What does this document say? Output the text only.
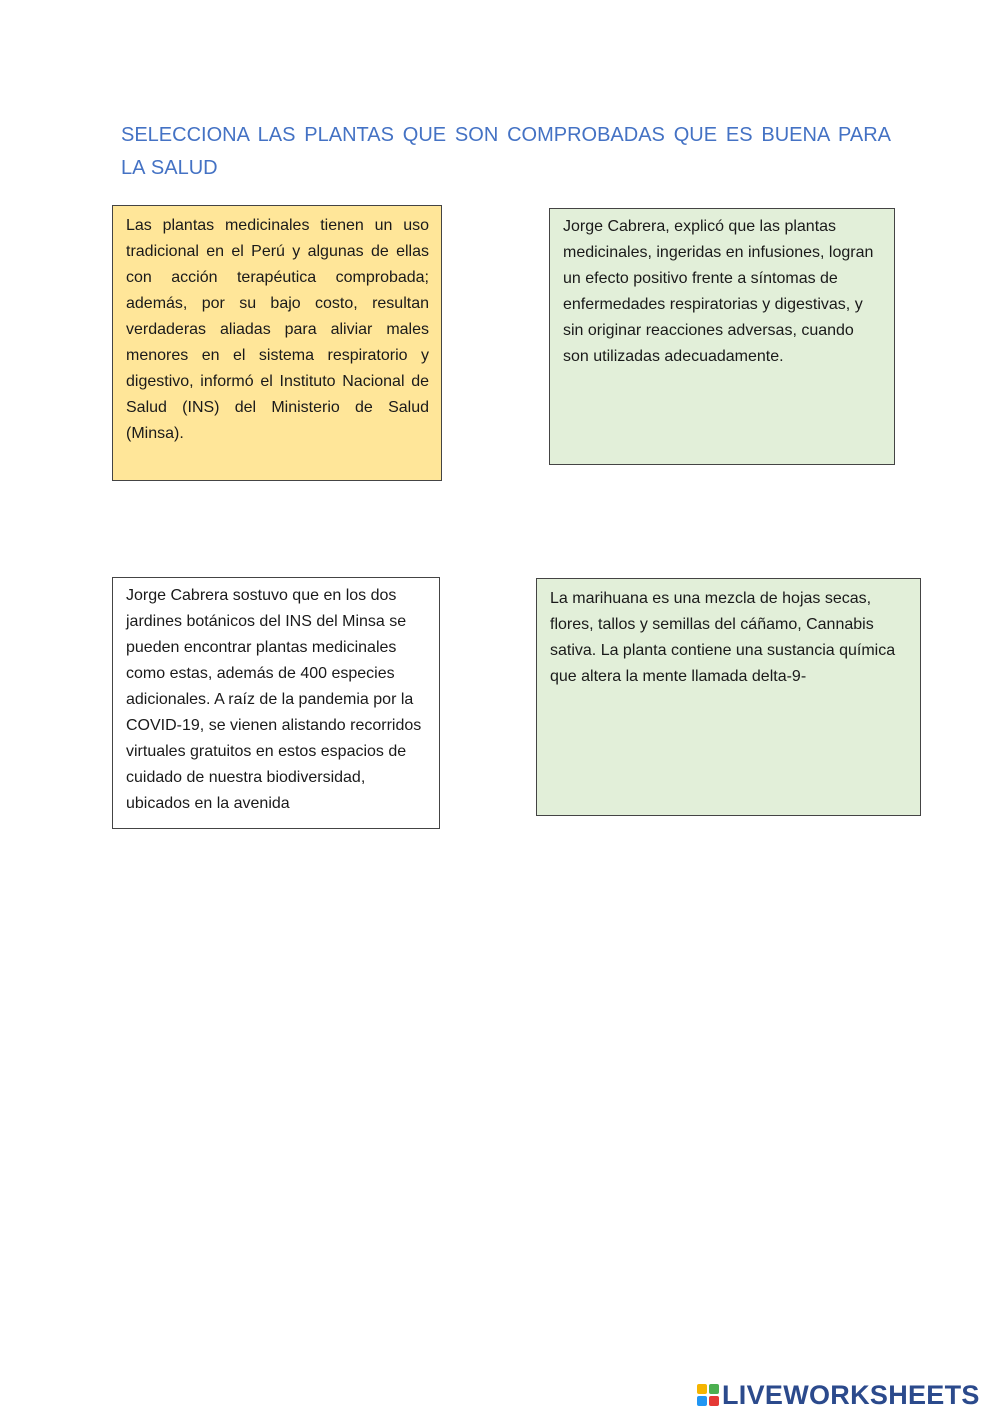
SELECCIONA LAS PLANTAS QUE SON COMPROBADAS QUE ES BUENA PARA LA SALUD

Las plantas medicinales tienen un uso tradicional en el Perú y algunas de ellas con acción terapéutica comprobada; además, por su bajo costo, resultan verdaderas aliadas para aliviar males menores en el sistema respiratorio y digestivo, informó el Instituto Nacional de Salud (INS) del Ministerio de Salud (Minsa).

Jorge Cabrera, explicó que las plantas medicinales, ingeridas en infusiones, logran un efecto positivo frente a síntomas de enfermedades respiratorias y digestivas, y sin originar reacciones adversas, cuando son utilizadas adecuadamente.

Jorge Cabrera sostuvo que en los dos jardines botánicos del INS del Minsa se pueden encontrar plantas medicinales como estas, además de 400 especies adicionales. A raíz de la pandemia por la COVID-19, se vienen alistando recorridos virtuales gratuitos en estos espacios de cuidado de nuestra biodiversidad, ubicados en la avenida

La marihuana es una mezcla de hojas secas, flores, tallos y semillas del cáñamo, Cannabis sativa. La planta contiene una sustancia química que altera la mente llamada delta-9-

LIVEWORKSHEETS
